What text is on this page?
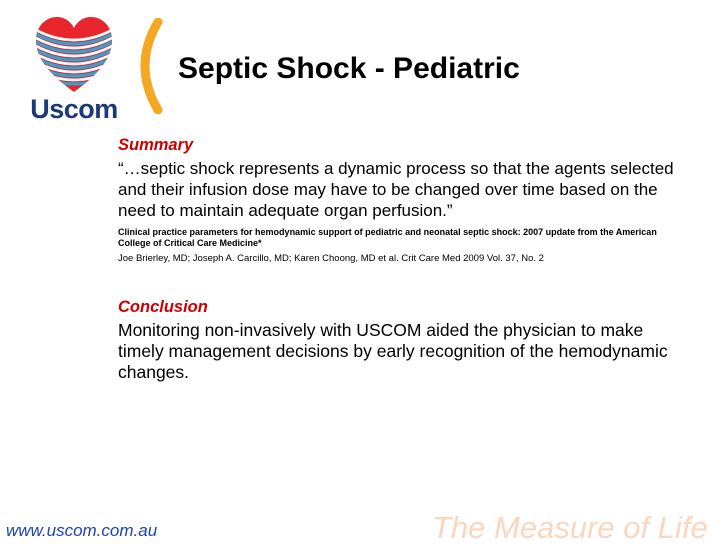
Uscom
Septic Shock - Pediatric
Summary
“…septic shock represents a dynamic process so that the agents selected and their infusion dose may have to be changed over time based on the need to maintain adequate organ perfusion.”
Clinical practice parameters for hemodynamic support of pediatric and neonatal septic shock: 2007 update from the American College of Critical Care Medicine*
Joe Brierley, MD; Joseph A. Carcillo, MD; Karen Choong, MD et al. Crit Care Med 2009 Vol. 37, No. 2
Conclusion
Monitoring non-invasively with USCOM aided the physician to make timely management decisions by early recognition of the hemodynamic changes.
www.uscom.com.au	The Measure of Life
